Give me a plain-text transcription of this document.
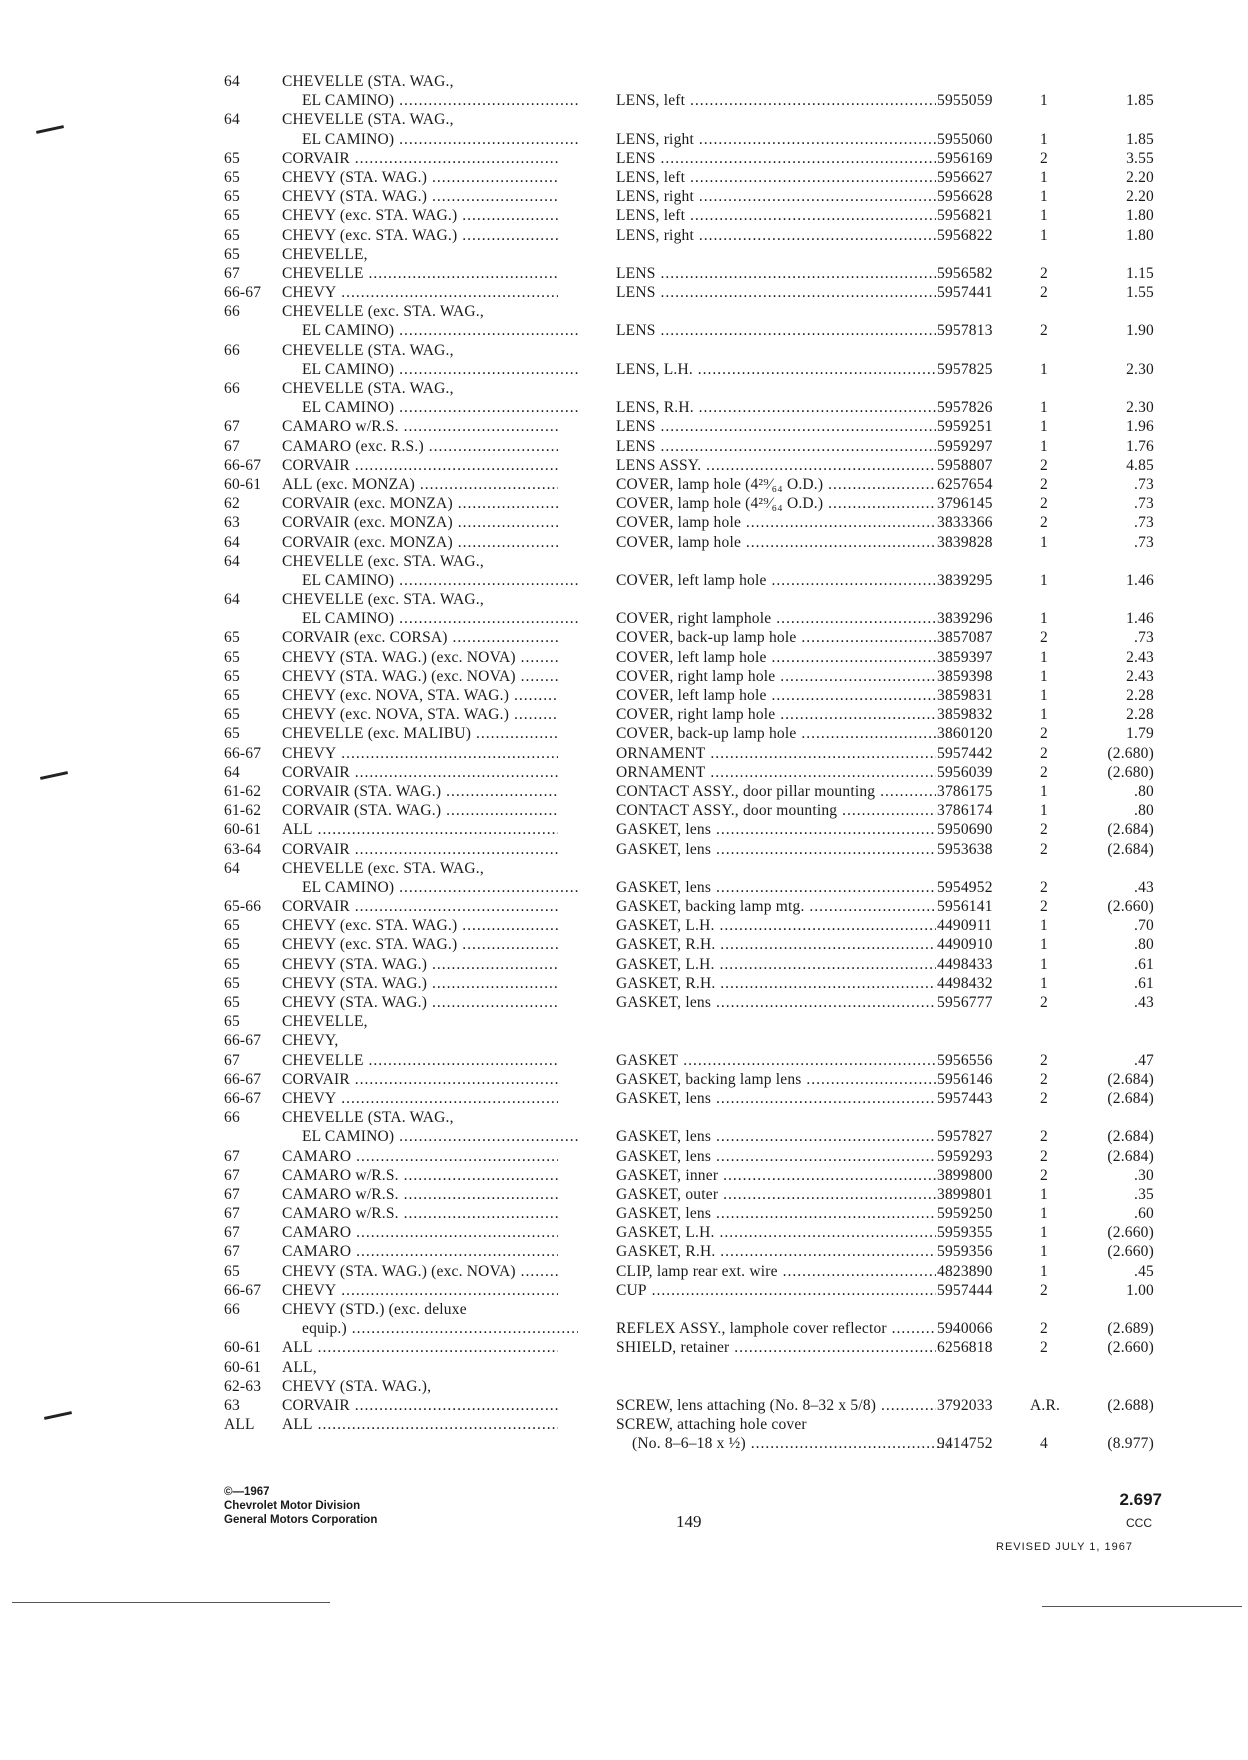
64	CHEVELLE (STA. WAG.,
EL CAMINO) .....	LENS, left .....	5955059	1	1.85
64	CHEVELLE (STA. WAG.,
EL CAMINO) .....	LENS, right .....	5955060	1	1.85
65	CORVAIR .....	LENS .....	5956169	2	3.55
65	CHEVY (STA. WAG.) .....	LENS, left .....	5956627	1	2.20
65	CHEVY (STA. WAG.) .....	LENS, right .....	5956628	1	2.20
65	CHEVY (exc. STA. WAG.) .....	LENS, left .....	5956821	1	1.80
65	CHEVY (exc. STA. WAG.) .....	LENS, right .....	5956822	1	1.80
65	CHEVELLE,
67	CHEVELLE .....	LENS .....	5956582	2	1.15
66-67	CHEVY .....	LENS .....	5957441	2	1.55
66	CHEVELLE (exc. STA. WAG.,
EL CAMINO) .....	LENS .....	5957813	2	1.90
66	CHEVELLE (STA. WAG.,
EL CAMINO) .....	LENS, L.H. .....	5957825	1	2.30
66	CHEVELLE (STA. WAG.,
EL CAMINO) .....	LENS, R.H. .....	5957826	1	2.30
67	CAMARO w/R.S. .....	LENS .....	5959251	1	1.96
67	CAMARO (exc. R.S.) .....	LENS .....	5959297	1	1.76
66-67	CORVAIR .....	LENS ASSY. .....	5958807	2	4.85
60-61	ALL (exc. MONZA) .....	COVER, lamp hole (4²⁹⁄₆₄ O.D.) .....	6257654	2	.73
62	CORVAIR (exc. MONZA) .....	COVER, lamp hole (4²⁹⁄₆₄ O.D.) .....	3796145	2	.73
63	CORVAIR (exc. MONZA) .....	COVER, lamp hole .....	3833366	2	.73
64	CORVAIR (exc. MONZA) .....	COVER, lamp hole .....	3839828	1	.73
64	CHEVELLE (exc. STA. WAG.,
EL CAMINO) .....	COVER, left lamp hole .....	3839295	1	1.46
64	CHEVELLE (exc. STA. WAG.,
EL CAMINO) .....	COVER, right lamphole .....	3839296	1	1.46
65	CORVAIR (exc. CORSA) .....	COVER, back-up lamp hole .....	3857087	2	.73
65	CHEVY (STA. WAG.) (exc. NOVA) .....	COVER, left lamp hole .....	3859397	1	2.43
65	CHEVY (STA. WAG.) (exc. NOVA) .....	COVER, right lamp hole .....	3859398	1	2.43
65	CHEVY (exc. NOVA, STA. WAG.) .....	COVER, left lamp hole .....	3859831	1	2.28
65	CHEVY (exc. NOVA, STA. WAG.) .....	COVER, right lamp hole .....	3859832	1	2.28
65	CHEVELLE (exc. MALIBU) .....	COVER, back-up lamp hole .....	3860120	2	1.79
66-67	CHEVY .....	ORNAMENT .....	5957442	2	(2.680)
64	CORVAIR .....	ORNAMENT .....	5956039	2	(2.680)
61-62	CORVAIR (STA. WAG.) .....	CONTACT ASSY., door pillar mounting .....	3786175	1	.80
61-62	CORVAIR (STA. WAG.) .....	CONTACT ASSY., door mounting .....	3786174	1	.80
60-61	ALL .....	GASKET, lens .....	5950690	2	(2.684)
63-64	CORVAIR .....	GASKET, lens .....	5953638	2	(2.684)
64	CHEVELLE (exc. STA. WAG.,
EL CAMINO) .....	GASKET, lens .....	5954952	2	.43
65-66	CORVAIR .....	GASKET, backing lamp mtg. .....	5956141	2	(2.660)
65	CHEVY (exc. STA. WAG.) .....	GASKET, L.H. .....	4490911	1	.70
65	CHEVY (exc. STA. WAG.) .....	GASKET, R.H. .....	4490910	1	.80
65	CHEVY (STA. WAG.) .....	GASKET, L.H. .....	4498433	1	.61
65	CHEVY (STA. WAG.) .....	GASKET, R.H. .....	4498432	1	.61
65	CHEVY (STA. WAG.) .....	GASKET, lens .....	5956777	2	.43
65	CHEVELLE,
66-67	CHEVY,
67	CHEVELLE .....	GASKET .....	5956556	2	.47
66-67	CORVAIR .....	GASKET, backing lamp lens .....	5956146	2	(2.684)
66-67	CHEVY .....	GASKET, lens .....	5957443	2	(2.684)
66	CHEVELLE (STA. WAG.,
EL CAMINO) .....	GASKET, lens .....	5957827	2	(2.684)
67	CAMARO .....	GASKET, lens .....	5959293	2	(2.684)
67	CAMARO w/R.S. .....	GASKET, inner .....	3899800	2	.30
67	CAMARO w/R.S. .....	GASKET, outer .....	3899801	1	.35
67	CAMARO w/R.S. .....	GASKET, lens .....	5959250	1	.60
67	CAMARO .....	GASKET, L.H. .....	5959355	1	(2.660)
67	CAMARO .....	GASKET, R.H. .....	5959356	1	(2.660)
65	CHEVY (STA. WAG.) (exc. NOVA) .....	CLIP, lamp rear ext. wire .....	4823890	1	.45
66-67	CHEVY .....	CUP .....	5957444	2	1.00
66	CHEVY (STD.) (exc. deluxe
equip.) .....	REFLEX ASSY., lamphole cover reflector .....	5940066	2	(2.689)
60-61	ALL .....	SHIELD, retainer .....	6256818	2	(2.660)
60-61	ALL,
62-63	CHEVY (STA. WAG.),
63	CORVAIR .....	SCREW, lens attaching (No. 8–32 x 5/8) .....	3792033	A.R.	(2.688)
ALL	ALL .....	SCREW, attaching hole cover
(No. 8–6–18 x ½) .....	9414752	4	(8.977)
©—1967
Chevrolet Motor Division
General Motors Corporation	149
2.697
CCC
REVISED JULY 1, 1967
